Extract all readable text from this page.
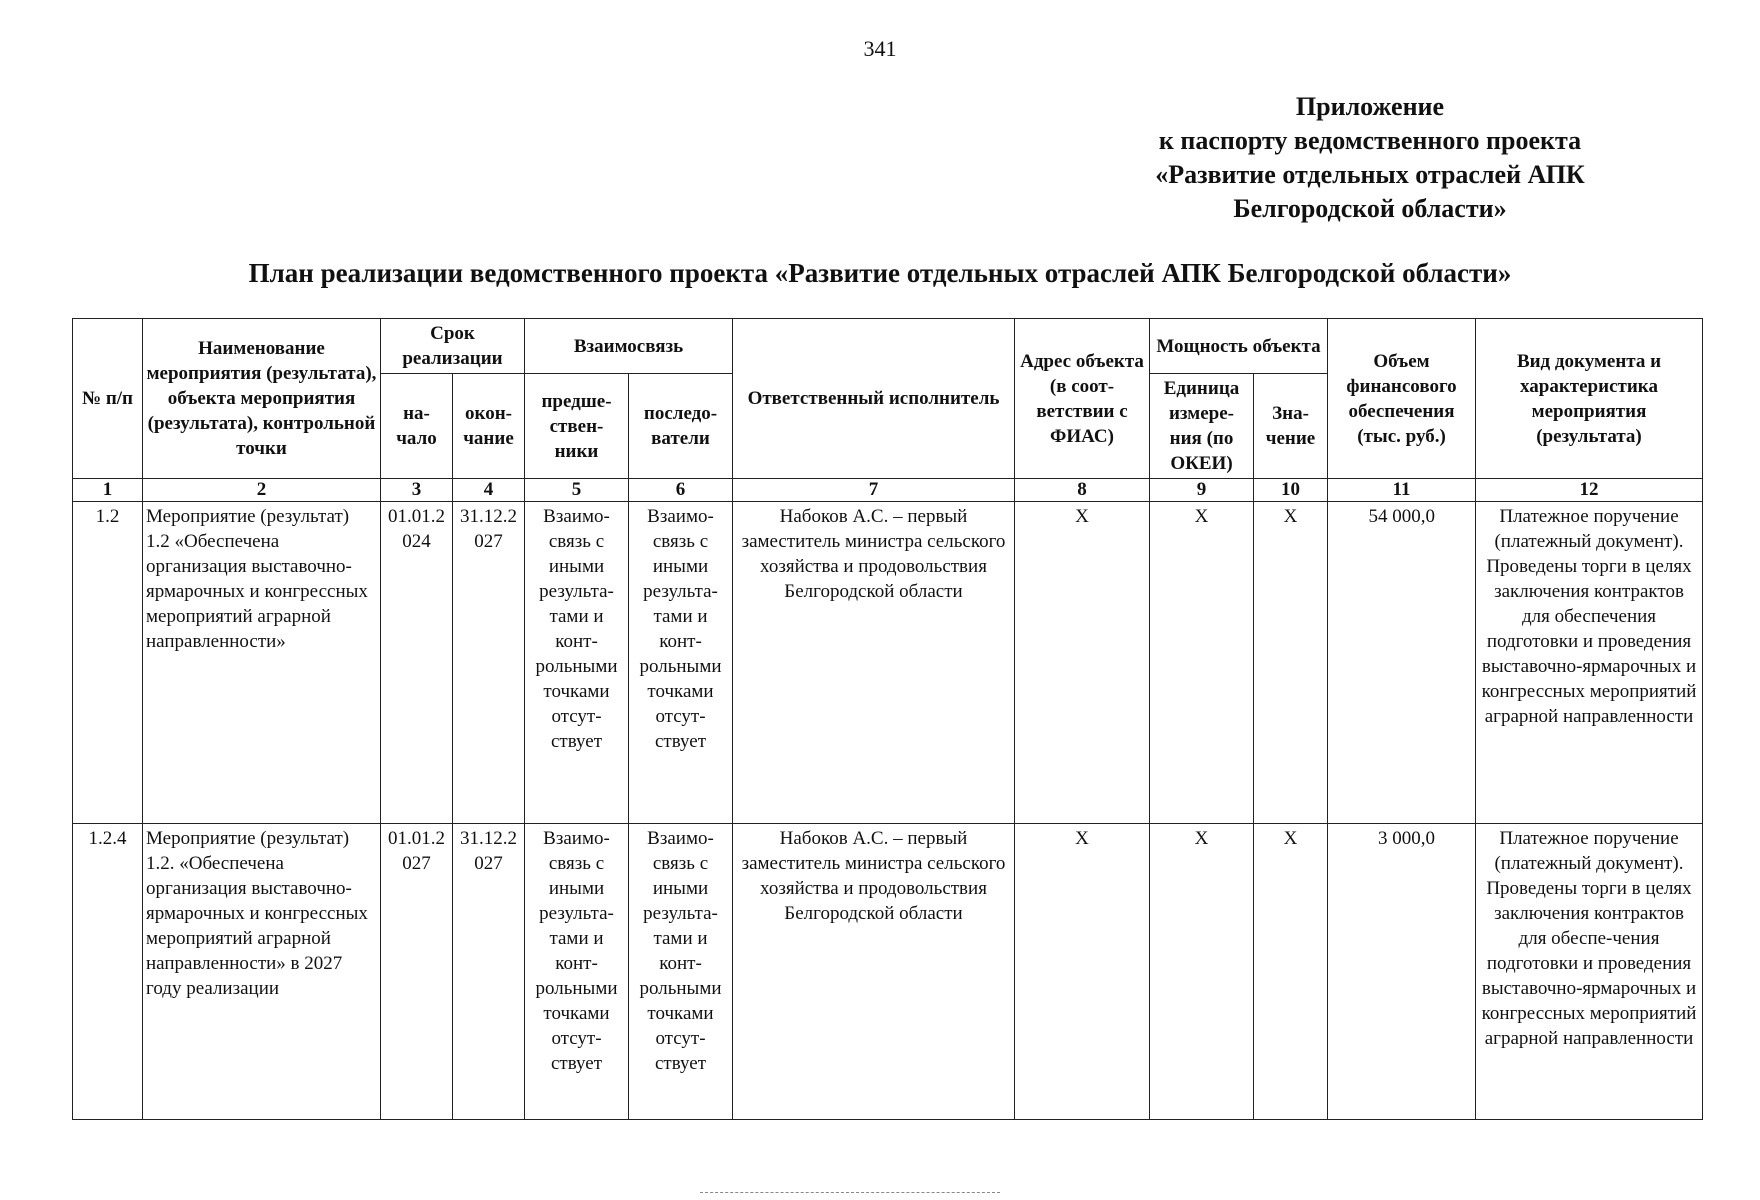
341
Приложение
к паспорту ведомственного проекта
«Развитие отдельных отраслей АПК
Белгородской области»
План реализации ведомственного проекта «Развитие отдельных отраслей АПК Белгородской области»
№ п/п	Наименование мероприятия (результата), объекта мероприятия (результата), контрольной точки	Срок реализации		Взаимосвязь		Ответственный исполнитель	Адрес объекта (в соот-ветствии с ФИАС)	Мощность объекта		Объем финансового обеспечения (тыс. руб.)	Вид документа и характеристика мероприятия (результата)
		на-чало	окон-чание	предше-ствен-ники	последо-ватели			Единица измере-ния (по ОКЕИ)	Зна-чение		
1	2	3	4	5	6	7	8	9	10	11	12
1.2	Мероприятие (результат) 1.2 «Обеспечена организация выставочно-ярмарочных и конгрессных мероприятий аграрной направленности»	01.01.2024	31.12.2027	Взаимо-связь с иными результа-тами и конт-рольными точками отсут-ствует	Взаимо-связь с иными результа-тами и конт-рольными точками отсут-ствует	Набоков А.С. – первый заместитель министра сельского хозяйства и продовольствия Белгородской области	X	X	X	54 000,0	Платежное поручение (платежный документ). Проведены торги в целях заключения контрактов для обеспечения подготовки и проведения выставочно-ярмарочных и конгрессных мероприятий аграрной направленности
1.2.4	Мероприятие (результат) 1.2. «Обеспечена организация выставочно-ярмарочных и конгрессных мероприятий аграрной направленности» в 2027 году реализации	01.01.2027	31.12.2027	Взаимо-связь с иными результа-тами и конт-рольными точками отсут-ствует	Взаимо-связь с иными результа-тами и конт-рольными точками отсут-ствует	Набоков А.С. – первый заместитель министра сельского хозяйства и продовольствия Белгородской области	X	X	X	3 000,0	Платежное поручение (платежный документ). Проведены торги в целях заключения контрактов для обеспе-чения подготовки и проведения выставочно-ярмарочных и конгрессных мероприятий аграрной направленности
